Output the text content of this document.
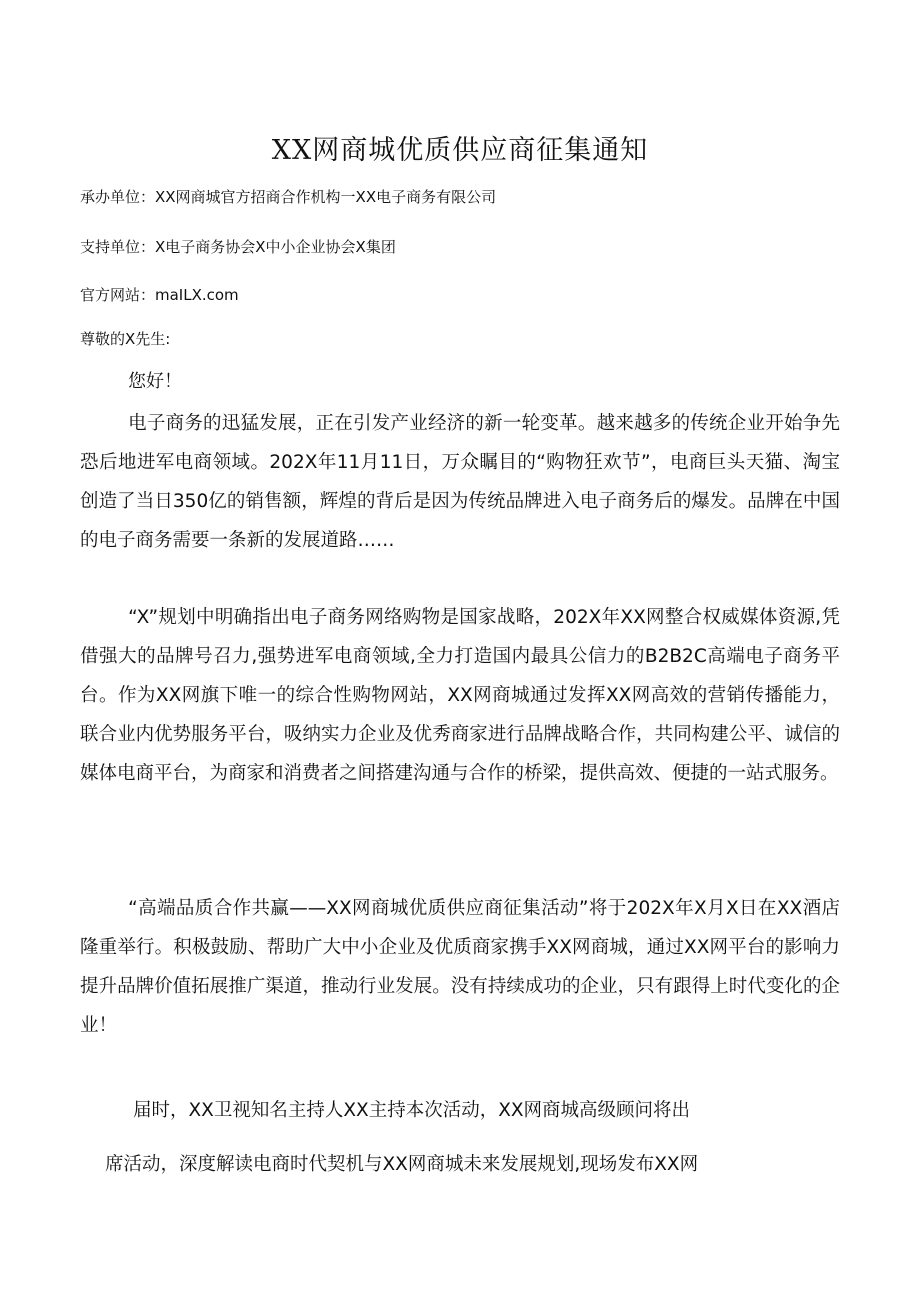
XX网商城优质供应商征集通知
承办单位：XX网商城官方招商合作机构一XX电子商务有限公司
支持单位：X电子商务协会X中小企业协会X集团
官方网站：maILX.com
尊敬的X先生:
您好！
电子商务的迅猛发展，正在引发产业经济的新一轮变革。越来越多的传统企业开始争先恐后地进军电商领域。202X年11月11日，万众瞩目的“购物狂欢节”，电商巨头天猫、淘宝创造了当日350亿的销售额，辉煌的背后是因为传统品牌进入电子商务后的爆发。品牌在中国的电子商务需要一条新的发展道路……
“X”规划中明确指出电子商务网络购物是国家战略，202X年XX网整合权威媒体资源,凭借强大的品牌号召力,强势进军电商领域,全力打造国内最具公信力的B2B2C高端电子商务平台。作为XX网旗下唯一的综合性购物网站，XX网商城通过发挥XX网高效的营销传播能力，联合业内优势服务平台，吸纳实力企业及优秀商家进行品牌战略合作，共同构建公平、诚信的媒体电商平台，为商家和消费者之间搭建沟通与合作的桥梁，提供高效、便捷的一站式服务。
“高端品质合作共赢——XX网商城优质供应商征集活动”将于202X年X月X日在XX酒店隆重举行。积极鼓励、帮助广大中小企业及优质商家携手XX网商城，通过XX网平台的影响力提升品牌价值拓展推广渠道，推动行业发展。没有持续成功的企业，只有跟得上时代变化的企业！
届时，XX卫视知名主持人XX主持本次活动，XX网商城高级顾问将出
席活动，深度解读电商时代契机与XX网商城未来发展规划,现场发布XX网
